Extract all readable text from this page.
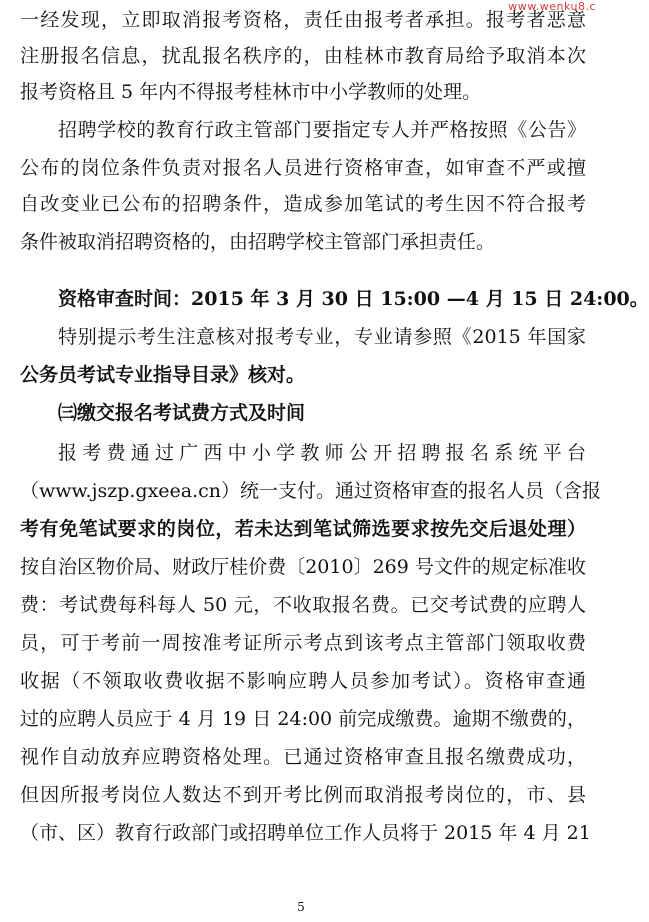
www.wenku8.c
一经发现，立即取消报考资格，责任由报考者承担。报考者恶意
注册报名信息，扰乱报名秩序的，由桂林市教育局给予取消本次
报考资格且 5 年内不得报考桂林市中小学教师的处理。
招聘学校的教育行政主管部门要指定专人并严格按照《公告》
公布的岗位条件负责对报名人员进行资格审查，如审查不严或擅
自改变业已公布的招聘条件，造成参加笔试的考生因不符合报考
条件被取消招聘资格的，由招聘学校主管部门承担责任。
资格审查时间：2015 年 3 月 30 日 15:00 —4 月 15 日 24:00。
特别提示考生注意核对报考专业，专业请参照《2015 年国家
公务员考试专业指导目录》核对。
㈢缴交报名考试费方式及时间
报考费通过广西中小学教师公开招聘报名系统平台
（www.jszp.gxeea.cn）统一支付。通过资格审查的报名人员（含报
考有免笔试要求的岗位，若未达到笔试筛选要求按先交后退处理）
按自治区物价局、财政厅桂价费〔2010〕269 号文件的规定标准收
费：考试费每科每人 50 元，不收取报名费。已交考试费的应聘人
员，可于考前一周按准考证所示考点到该考点主管部门领取收费
收据（不领取收费收据不影响应聘人员参加考试）。资格审查通
过的应聘人员应于 4 月 19 日 24:00 前完成缴费。逾期不缴费的，
视作自动放弃应聘资格处理。已通过资格审查且报名缴费成功，
但因所报考岗位人数达不到开考比例而取消报考岗位的，市、县
（市、区）教育行政部门或招聘单位工作人员将于 2015 年 4 月 21
5
